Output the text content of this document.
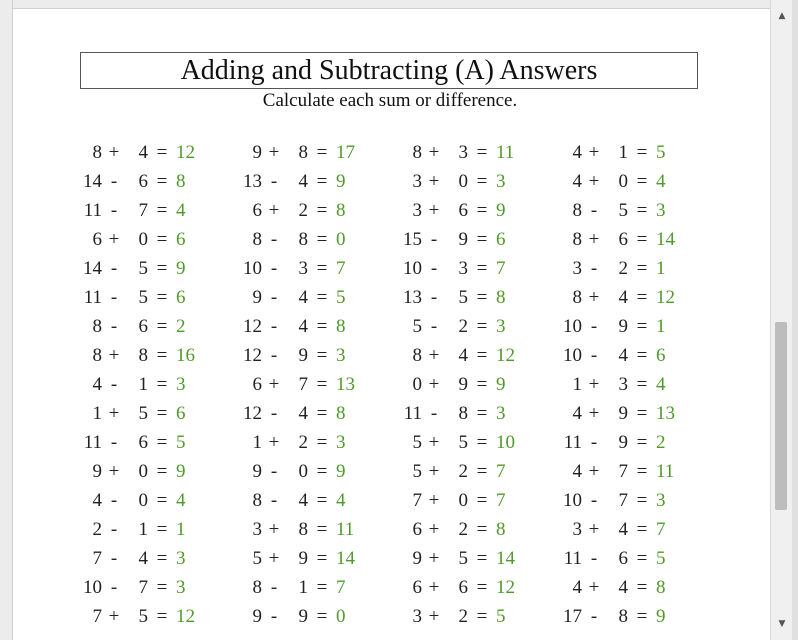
Adding and Subtracting (A) Answers
Calculate each sum or difference.
8 +	4 = 12	9 +	8 = 17	8 +	3 = 11	4 +	1 = 5
14 -	6 = 8	13 -	4 = 9	3 +	0 = 3	4 +	0 = 4
11 -	7 = 4	6 +	2 = 8	3 +	6 = 9	8 -	5 = 3
6 +	0 = 6	8 -	8 = 0	15 -	9 = 6	8 +	6 = 14
14 -	5 = 9	10 -	3 = 7	10 -	3 = 7	3 -	2 = 1
11 -	5 = 6	9 -	4 = 5	13 -	5 = 8	8 +	4 = 12
8 -	6 = 2	12 -	4 = 8	5 -	2 = 3	10 -	9 = 1
8 +	8 = 16	12 -	9 = 3	8 +	4 = 12	10 -	4 = 6
4 -	1 = 3	6 +	7 = 13	0 +	9 = 9	1 +	3 = 4
1 +	5 = 6	12 -	4 = 8	11 -	8 = 3	4 +	9 = 13
11 -	6 = 5	1 +	2 = 3	5 +	5 = 10	11 -	9 = 2
9 +	0 = 9	9 -	0 = 9	5 +	2 = 7	4 +	7 = 11
4 -	0 = 4	8 -	4 = 4	7 +	0 = 7	10 -	7 = 3
2 -	1 = 1	3 +	8 = 11	6 +	2 = 8	3 +	4 = 7
7 -	4 = 3	5 +	9 = 14	9 +	5 = 14	11 -	6 = 5
10 -	7 = 3	8 -	1 = 7	6 +	6 = 12	4 +	4 = 8
7 +	5 = 12	9 -	9 = 0	3 +	2 = 5	17 -	8 = 9
▲
▼
